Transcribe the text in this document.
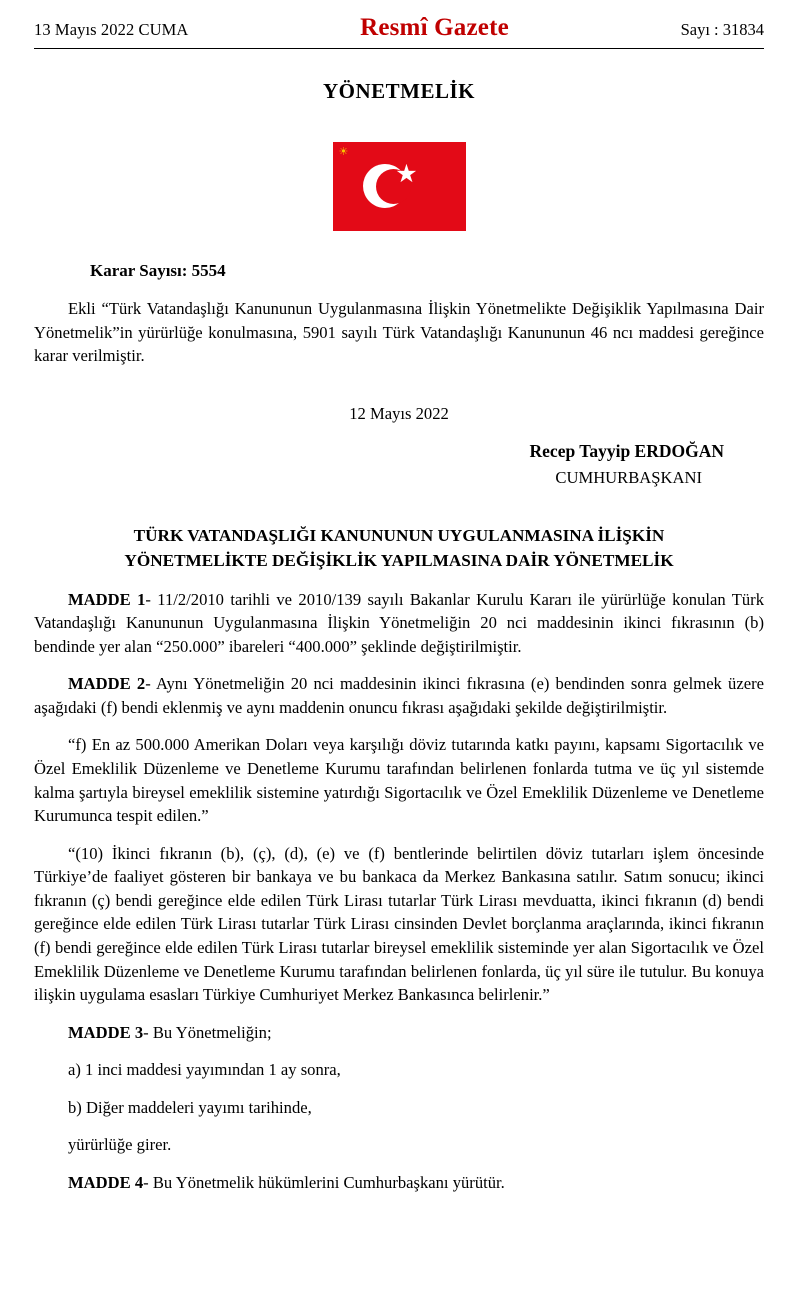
13 Mayıs 2022 CUMA	Resmî Gazete	Sayı : 31834
YÖNETMELİK
☀
Karar Sayısı: 5554

Ekli “Türk Vatandaşlığı Kanununun Uygulanmasına İlişkin Yönetmelikte Değişiklik Yapılmasına Dair Yönetmelik”in yürürlüğe konulmasına, 5901 sayılı Türk Vatandaşlığı Kanununun 46 ncı maddesi gereğince karar verilmiştir.

12 Mayıs 2022
Recep Tayyip ERDOĞAN
CUMHURBAŞKANI
TÜRK VATANDAŞLIĞI KANUNUNUN UYGULANMASINA İLİŞKİN
YÖNETMELİKTE DEĞİŞİKLİK YAPILMASINA DAİR YÖNETMELİK

MADDE 1- 11/2/2010 tarihli ve 2010/139 sayılı Bakanlar Kurulu Kararı ile yürürlüğe konulan Türk Vatandaşlığı Kanununun Uygulanmasına İlişkin Yönetmeliğin 20 nci maddesinin ikinci fıkrasının (b) bendinde yer alan “250.000” ibareleri “400.000” şeklinde değiştirilmiştir.

MADDE 2- Aynı Yönetmeliğin 20 nci maddesinin ikinci fıkrasına (e) bendinden sonra gelmek üzere aşağıdaki (f) bendi eklenmiş ve aynı maddenin onuncu fıkrası aşağıdaki şekilde değiştirilmiştir.

“f) En az 500.000 Amerikan Doları veya karşılığı döviz tutarında katkı payını, kapsamı Sigortacılık ve Özel Emeklilik Düzenleme ve Denetleme Kurumu tarafından belirlenen fonlarda tutma ve üç yıl sistemde kalma şartıyla bireysel emeklilik sistemine yatırdığı Sigortacılık ve Özel Emeklilik Düzenleme ve Denetleme Kurumunca tespit edilen.”

“(10) İkinci fıkranın (b), (ç), (d), (e) ve (f) bentlerinde belirtilen döviz tutarları işlem öncesinde Türkiye’de faaliyet gösteren bir bankaya ve bu bankaca da Merkez Bankasına satılır. Satım sonucu; ikinci fıkranın (ç) bendi gereğince elde edilen Türk Lirası tutarlar Türk Lirası mevduatta, ikinci fıkranın (d) bendi gereğince elde edilen Türk Lirası tutarlar Türk Lirası cinsinden Devlet borçlanma araçlarında, ikinci fıkranın (f) bendi gereğince elde edilen Türk Lirası tutarlar bireysel emeklilik sisteminde yer alan Sigortacılık ve Özel Emeklilik Düzenleme ve Denetleme Kurumu tarafından belirlenen fonlarda, üç yıl süre ile tutulur. Bu konuya ilişkin uygulama esasları Türkiye Cumhuriyet Merkez Bankasınca belirlenir.”

MADDE 3- Bu Yönetmeliğin;

a) 1 inci maddesi yayımından 1 ay sonra,

b) Diğer maddeleri yayımı tarihinde,

yürürlüğe girer.

MADDE 4- Bu Yönetmelik hükümlerini Cumhurbaşkanı yürütür.
